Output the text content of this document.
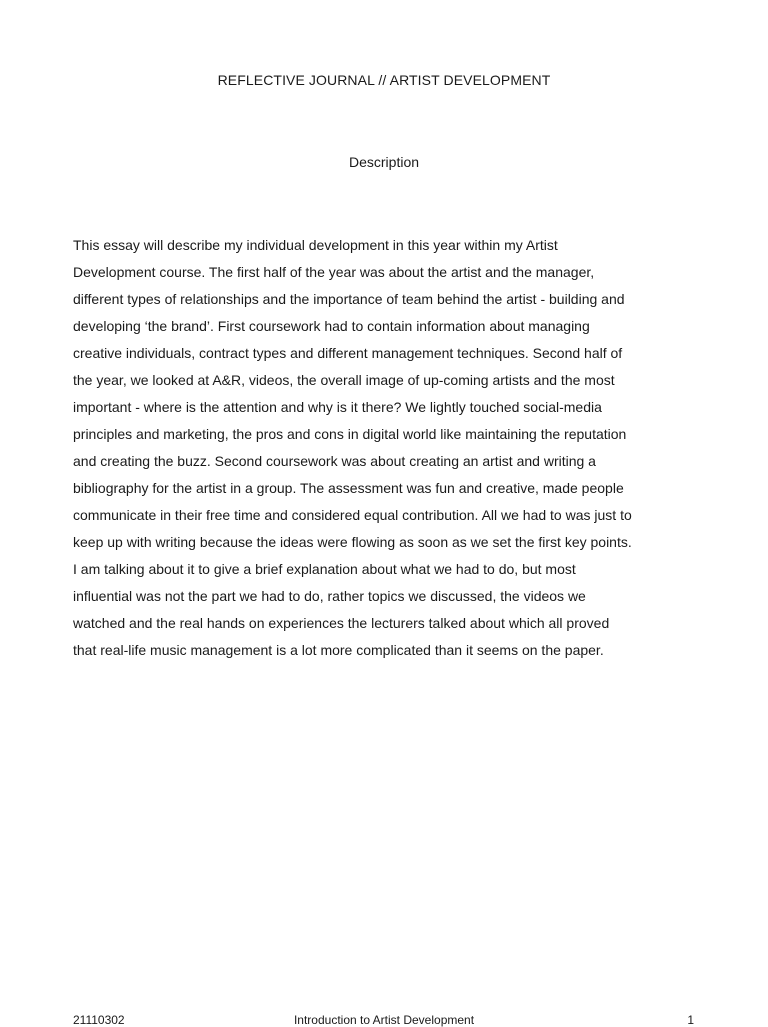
REFLECTIVE JOURNAL // ARTIST DEVELOPMENT
Description

This essay will describe my individual development in this year within my Artist
Development course. The first half of the year was about the artist and the manager,
different types of relationships and the importance of team behind the artist - building and
developing ‘the brand’. First coursework had to contain information about managing
creative individuals, contract types and different management techniques. Second half of
the year, we looked at A&R, videos, the overall image of up-coming artists and the most
important - where is the attention and why is it there? We lightly touched social-media
principles and marketing, the pros and cons in digital world like maintaining the reputation
and creating the buzz. Second coursework was about creating an artist and writing a
bibliography for the artist in a group. The assessment was fun and creative, made people
communicate in their free time and considered equal contribution. All we had to was just to
keep up with writing because the ideas were flowing as soon as we set the first key points.
I am talking about it to give a brief explanation about what we had to do, but most
influential was not the part we had to do, rather topics we discussed, the videos we
watched and the real hands on experiences the lecturers talked about which all proved
that real-life music management is a lot more complicated than it seems on the paper.

21110302	Introduction to Artist Development	1
